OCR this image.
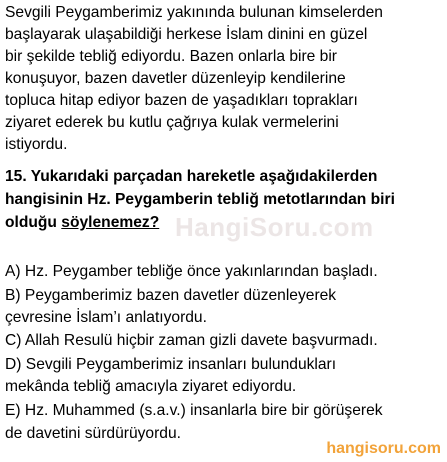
HangiSoru.com
Sevgili Peygamberimiz yakınında bulunan kimselerden
başlayarak ulaşabildiği herkese İslam dinini en güzel
bir şekilde tebliğ ediyordu. Bazen onlarla bire bir
konuşuyor, bazen davetler düzenleyip kendilerine
topluca hitap ediyor bazen de yaşadıkları toprakları
ziyaret ederek bu kutlu çağrıya kulak vermelerini
istiyordu.
15. Yukarıdaki parçadan hareketle aşağıdakilerden
hangisinin Hz. Peygamberin tebliğ metotlarından biri
olduğu söylenemez?
A) Hz. Peygamber tebliğe önce yakınlarından başladı.
B) Peygamberimiz bazen davetler düzenleyerek
çevresine İslam’ı anlatıyordu.
C) Allah Resulü hiçbir zaman gizli davete başvurmadı.
D) Sevgili Peygamberimiz insanları bulundukları
mekânda tebliğ amacıyla ziyaret ediyordu.
E) Hz. Muhammed (s.a.v.) insanlarla bire bir görüşerek
de davetini sürdürüyordu.
hangisoru.com
